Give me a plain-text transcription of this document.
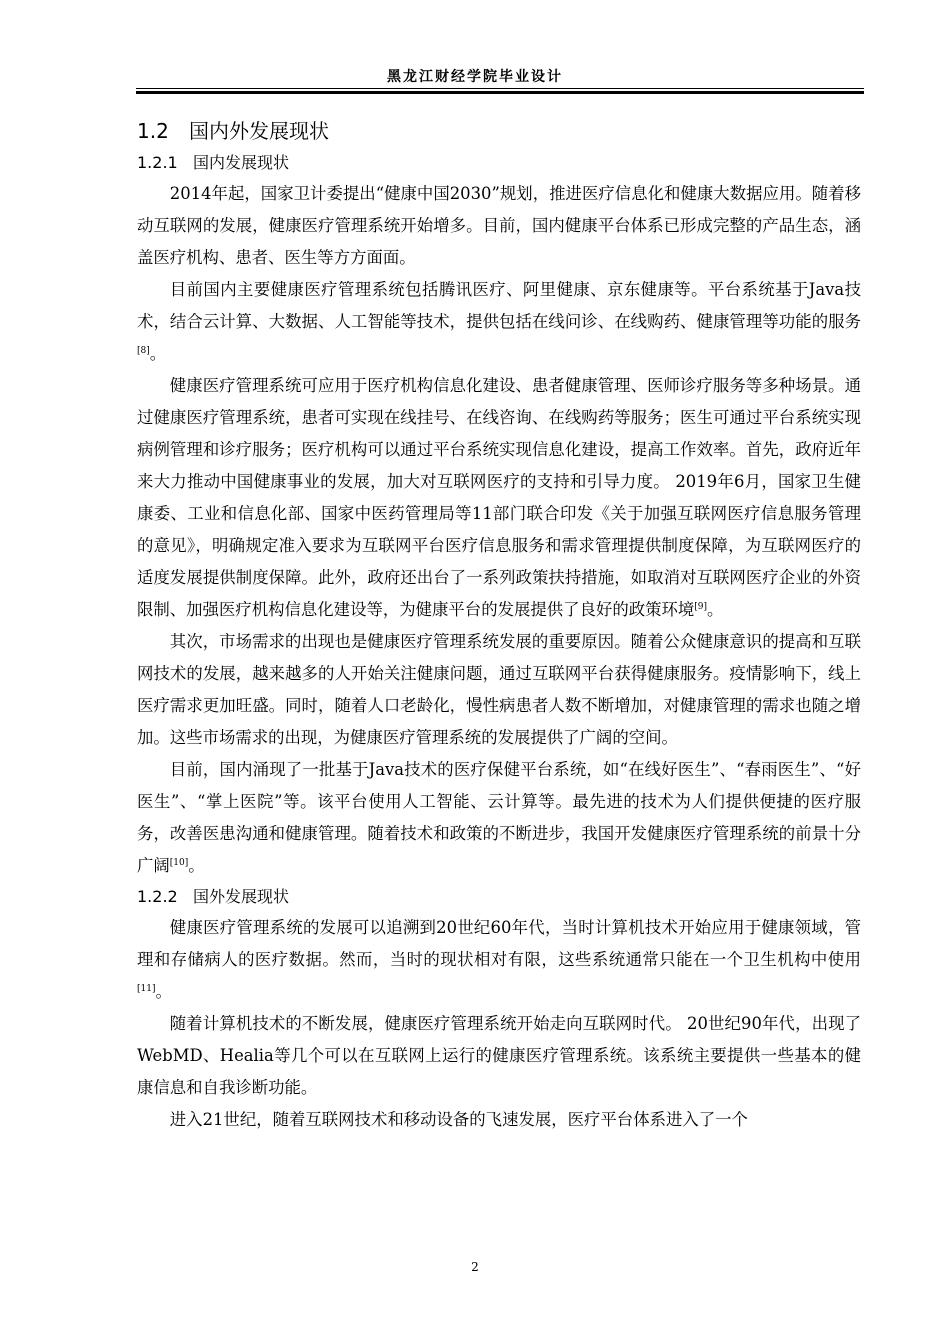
黑龙江财经学院毕业设计
1.2 国内外发展现状
1.2.1 国内发展现状

2014年起，国家卫计委提出“健康中国2030”规划，推进医疗信息化和健康大数据应用。随着移动互联网的发展，健康医疗管理系统开始增多。目前，国内健康平台体系已形成完整的产品生态，涵盖医疗机构、患者、医生等方方面面。

目前国内主要健康医疗管理系统包括腾讯医疗、阿里健康、京东健康等。平台系统基于Java技术，结合云计算、大数据、人工智能等技术，提供包括在线问诊、在线购药、健康管理等功能的服务[8]。

健康医疗管理系统可应用于医疗机构信息化建设、患者健康管理、医师诊疗服务等多种场景。通过健康医疗管理系统，患者可实现在线挂号、在线咨询、在线购药等服务；医生可通过平台系统实现病例管理和诊疗服务；医疗机构可以通过平台系统实现信息化建设，提高工作效率。首先，政府近年来大力推动中国健康事业的发展，加大对互联网医疗的支持和引导力度。 2019年6月，国家卫生健康委、工业和信息化部、国家中医药管理局等11部门联合印发《关于加强互联网医疗信息服务管理的意见》，明确规定准入要求为互联网平台医疗信息服务和需求管理提供制度保障，为互联网医疗的适度发展提供制度保障。此外，政府还出台了一系列政策扶持措施，如取消对互联网医疗企业的外资限制、加强医疗机构信息化建设等，为健康平台的发展提供了良好的政策环境[9]。

其次，市场需求的出现也是健康医疗管理系统发展的重要原因。随着公众健康意识的提高和互联网技术的发展，越来越多的人开始关注健康问题，通过互联网平台获得健康服务。疫情影响下，线上医疗需求更加旺盛。同时，随着人口老龄化，慢性病患者人数不断增加，对健康管理的需求也随之增加。这些市场需求的出现，为健康医疗管理系统的发展提供了广阔的空间。

目前，国内涌现了一批基于Java技术的医疗保健平台系统，如“在线好医生”、“春雨医生”、“好医生”、“掌上医院”等。该平台使用人工智能、云计算等。最先进的技术为人们提供便捷的医疗服务，改善医患沟通和健康管理。随着技术和政策的不断进步，我国开发健康医疗管理系统的前景十分广阔[10]。

1.2.2 国外发展现状

健康医疗管理系统的发展可以追溯到20世纪60年代，当时计算机技术开始应用于健康领域，管理和存储病人的医疗数据。然而，当时的现状相对有限，这些系统通常只能在一个卫生机构中使用[11]。

随着计算机技术的不断发展，健康医疗管理系统开始走向互联网时代。 20世纪90年代，出现了WebMD、Healia等几个可以在互联网上运行的健康医疗管理系统。该系统主要提供一些基本的健康信息和自我诊断功能。

进入21世纪，随着互联网技术和移动设备的飞速发展，医疗平台体系进入了一个

2
